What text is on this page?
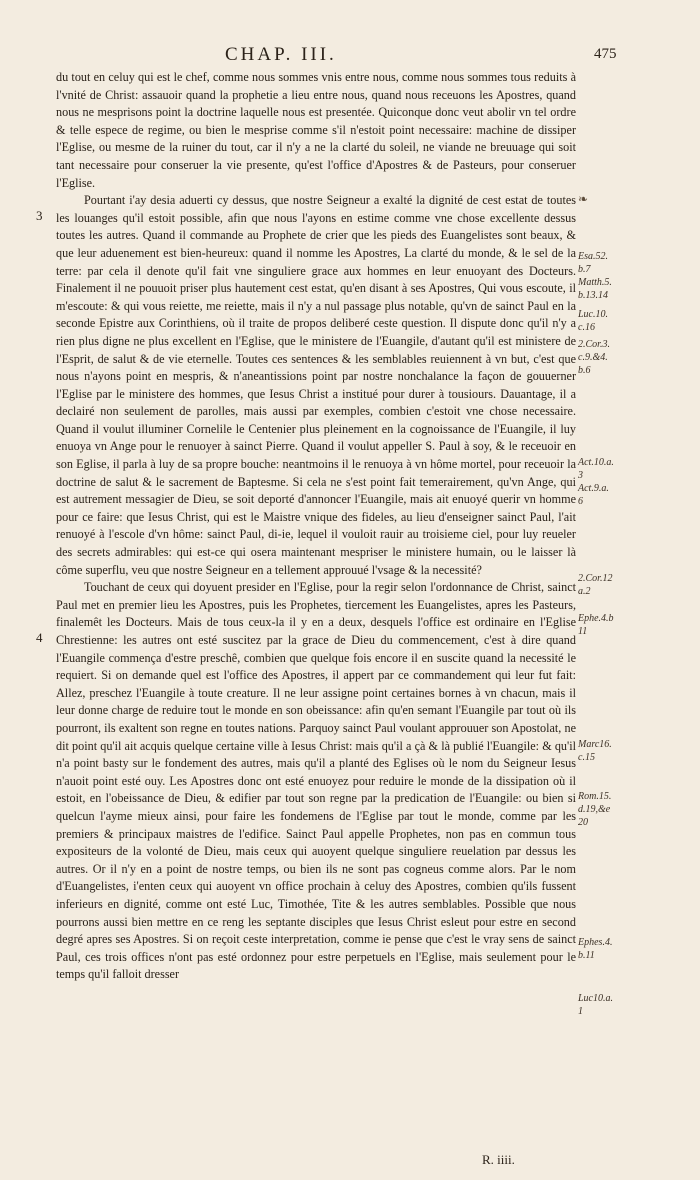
CHAP. III.	475

du tout en celuy qui est le chef, comme nous sommes vnis entre nous, comme nous sommes tous reduits à l'vnité de Christ: assauoir quand la prophetie a lieu entre nous, quand nous receuons les Apostres, quand nous ne mesprisons point la doctrine laquelle nous est presentée. Quiconque donc veut abolir vn tel ordre & telle espece de regime, ou bien le mesprise comme s'il n'estoit point necessaire: machine de dissiper l'Eglise, ou mesme de la ruiner du tout, car il n'y a ne la clarté du soleil, ne viande ne breuuage qui soit tant necessaire pour conseruer la vie presente, qu'est l'office d'Apostres & de Pasteurs, pour conseruer l'Eglise.

Pourtant i'ay desia aduerti cy dessus, que nostre Seigneur a exalté la dignité de cest estat de toutes les louanges qu'il estoit possible, afin que nous l'ayons en estime comme vne chose excellente dessus toutes les autres. Quand il commande au Prophete de crier que les pieds des Euangelistes sont beaux, & que leur aduenement est bien-heureux: quand il nomme les Apostres, La clarté du monde, & le sel de la terre: par cela il denote qu'il fait vne singuliere grace aux hommes en leur enuoyant des Docteurs. Finalement il ne pouuoit priser plus hautement cest estat, qu'en disant à ses Apostres, Qui vous escoute, il m'escoute: & qui vous reiette, me reiette, mais il n'y a nul passage plus notable, qu'vn de sainct Paul en la seconde Epistre aux Corinthiens, où il traite de propos deliberé ceste question. Il dispute donc qu'il n'y a rien plus digne ne plus excellent en l'Eglise, que le ministere de l'Euangile, d'autant qu'il est ministere de l'Esprit, de salut & de vie eternelle. Toutes ces sentences & les semblables reuiennent à vn but, c'est que nous n'ayons point en mespris, & n'aneantissions point par nostre nonchalance la façon de gouuerner l'Eglise par le ministere des hommes, que Iesus Christ a institué pour durer à tousiours. Dauantage, il a declairé non seulement de parolles, mais aussi par exemples, combien c'estoit vne chose necessaire. Quand il voulut illuminer Cornelile le Centenier plus pleinement en la cognoissance de l'Euangile, il luy enuoya vn Ange pour le renuoyer à sainct Pierre. Quand il voulut appeller S. Paul à soy, & le receuoir en son Eglise, il parla à luy de sa propre bouche: neantmoins il le renuoya à vn hôme mortel, pour receuoir la doctrine de salut & le sacrement de Baptesme. Si cela ne s'est point fait temerairement, qu'vn Ange, qui est autrement messagier de Dieu, se soit deporté d'annoncer l'Euangile, mais ait enuoyé querir vn homme pour ce faire: que Iesus Christ, qui est le Maistre vnique des fideles, au lieu d'enseigner sainct Paul, l'ait renuoyé à l'escole d'vn hôme: sainct Paul, di-ie, lequel il vouloit rauir au troisieme ciel, pour luy reueler des secrets admirables: qui est-ce qui osera maintenant mespriser le ministere humain, ou le laisser là côme superflu, veu que nostre Seigneur en a tellement approuué l'vsage & la necessité?

Touchant de ceux qui doyuent presider en l'Eglise, pour la regir selon l'ordonnance de Christ, sainct Paul met en premier lieu les Apostres, puis les Prophetes, tiercement les Euangelistes, apres les Pasteurs, finalemêt les Docteurs. Mais de tous ceux-la il y en a deux, desquels l'office est ordinaire en l'Eglise Chrestienne: les autres ont esté suscitez par la grace de Dieu du commencement, c'est à dire quand l'Euangile commença d'estre preschê, combien que quelque fois encore il en suscite quand la necessité le requiert. Si on demande quel est l'office des Apostres, il appert par ce commandement qui leur fut fait: Allez, preschez l'Euangile à toute creature. Il ne leur assigne point certaines bornes à vn chacun, mais il leur donne charge de reduire tout le monde en son obeissance: afin qu'en semant l'Euangile par tout où ils pourront, ils exaltent son regne en toutes nations. Parquoy sainct Paul voulant approuuer son Apostolat, ne dit point qu'il ait acquis quelque certaine ville à Iesus Christ: mais qu'il a çà & là publié l'Euangile: & qu'il n'a point basty sur le fondement des autres, mais qu'il a planté des Eglises où le nom du Seigneur Iesus n'auoit point esté ouy. Les Apostres donc ont esté enuoyez pour reduire le monde de la dissipation où il estoit, en l'obeissance de Dieu, & edifier par tout son regne par la predication de l'Euangile: ou bien si quelcun l'ayme mieux ainsi, pour faire les fondemens de l'Eglise par tout le monde, comme par les premiers & principaux maistres de l'edifice. Sainct Paul appelle Prophetes, non pas en commun tous expositeurs de la volonté de Dieu, mais ceux qui auoyent quelque singuliere reuelation par dessus les autres. Or il n'y en a point de nostre temps, ou bien ils ne sont pas cogneus comme alors. Par le nom d'Euangelistes, i'enten ceux qui auoyent vn office prochain à celuy des Apostres, combien qu'ils fussent inferieurs en dignité, comme ont esté Luc, Timothée, Tite & les autres semblables. Possible que nous pourrons aussi bien mettre en ce reng les septante disciples que Iesus Christ esleut pour estre en second degré apres ses Apostres. Si on reçoit ceste interpretation, comme ie pense que c'est le vray sens de sainct Paul, ces trois offices n'ont pas esté ordonnez pour estre perpetuels en l'Eglise, mais seulement pour le temps qu'il falloit dresser

3
4
❧
Esa.52.
b.7
Matth.5.
b.13.14
Luc.10.
c.16
2.Cor.3.
c.9.&4.
b.6
Act.10.a.
3
Act.9.a.
6
2.Cor.12
a.2
Ephe.4.b
11
Marc16.
c.15
Rom.15.
d.19,&e
20
Ephes.4.
b.11
Luc10.a.
1
R. iiii.
